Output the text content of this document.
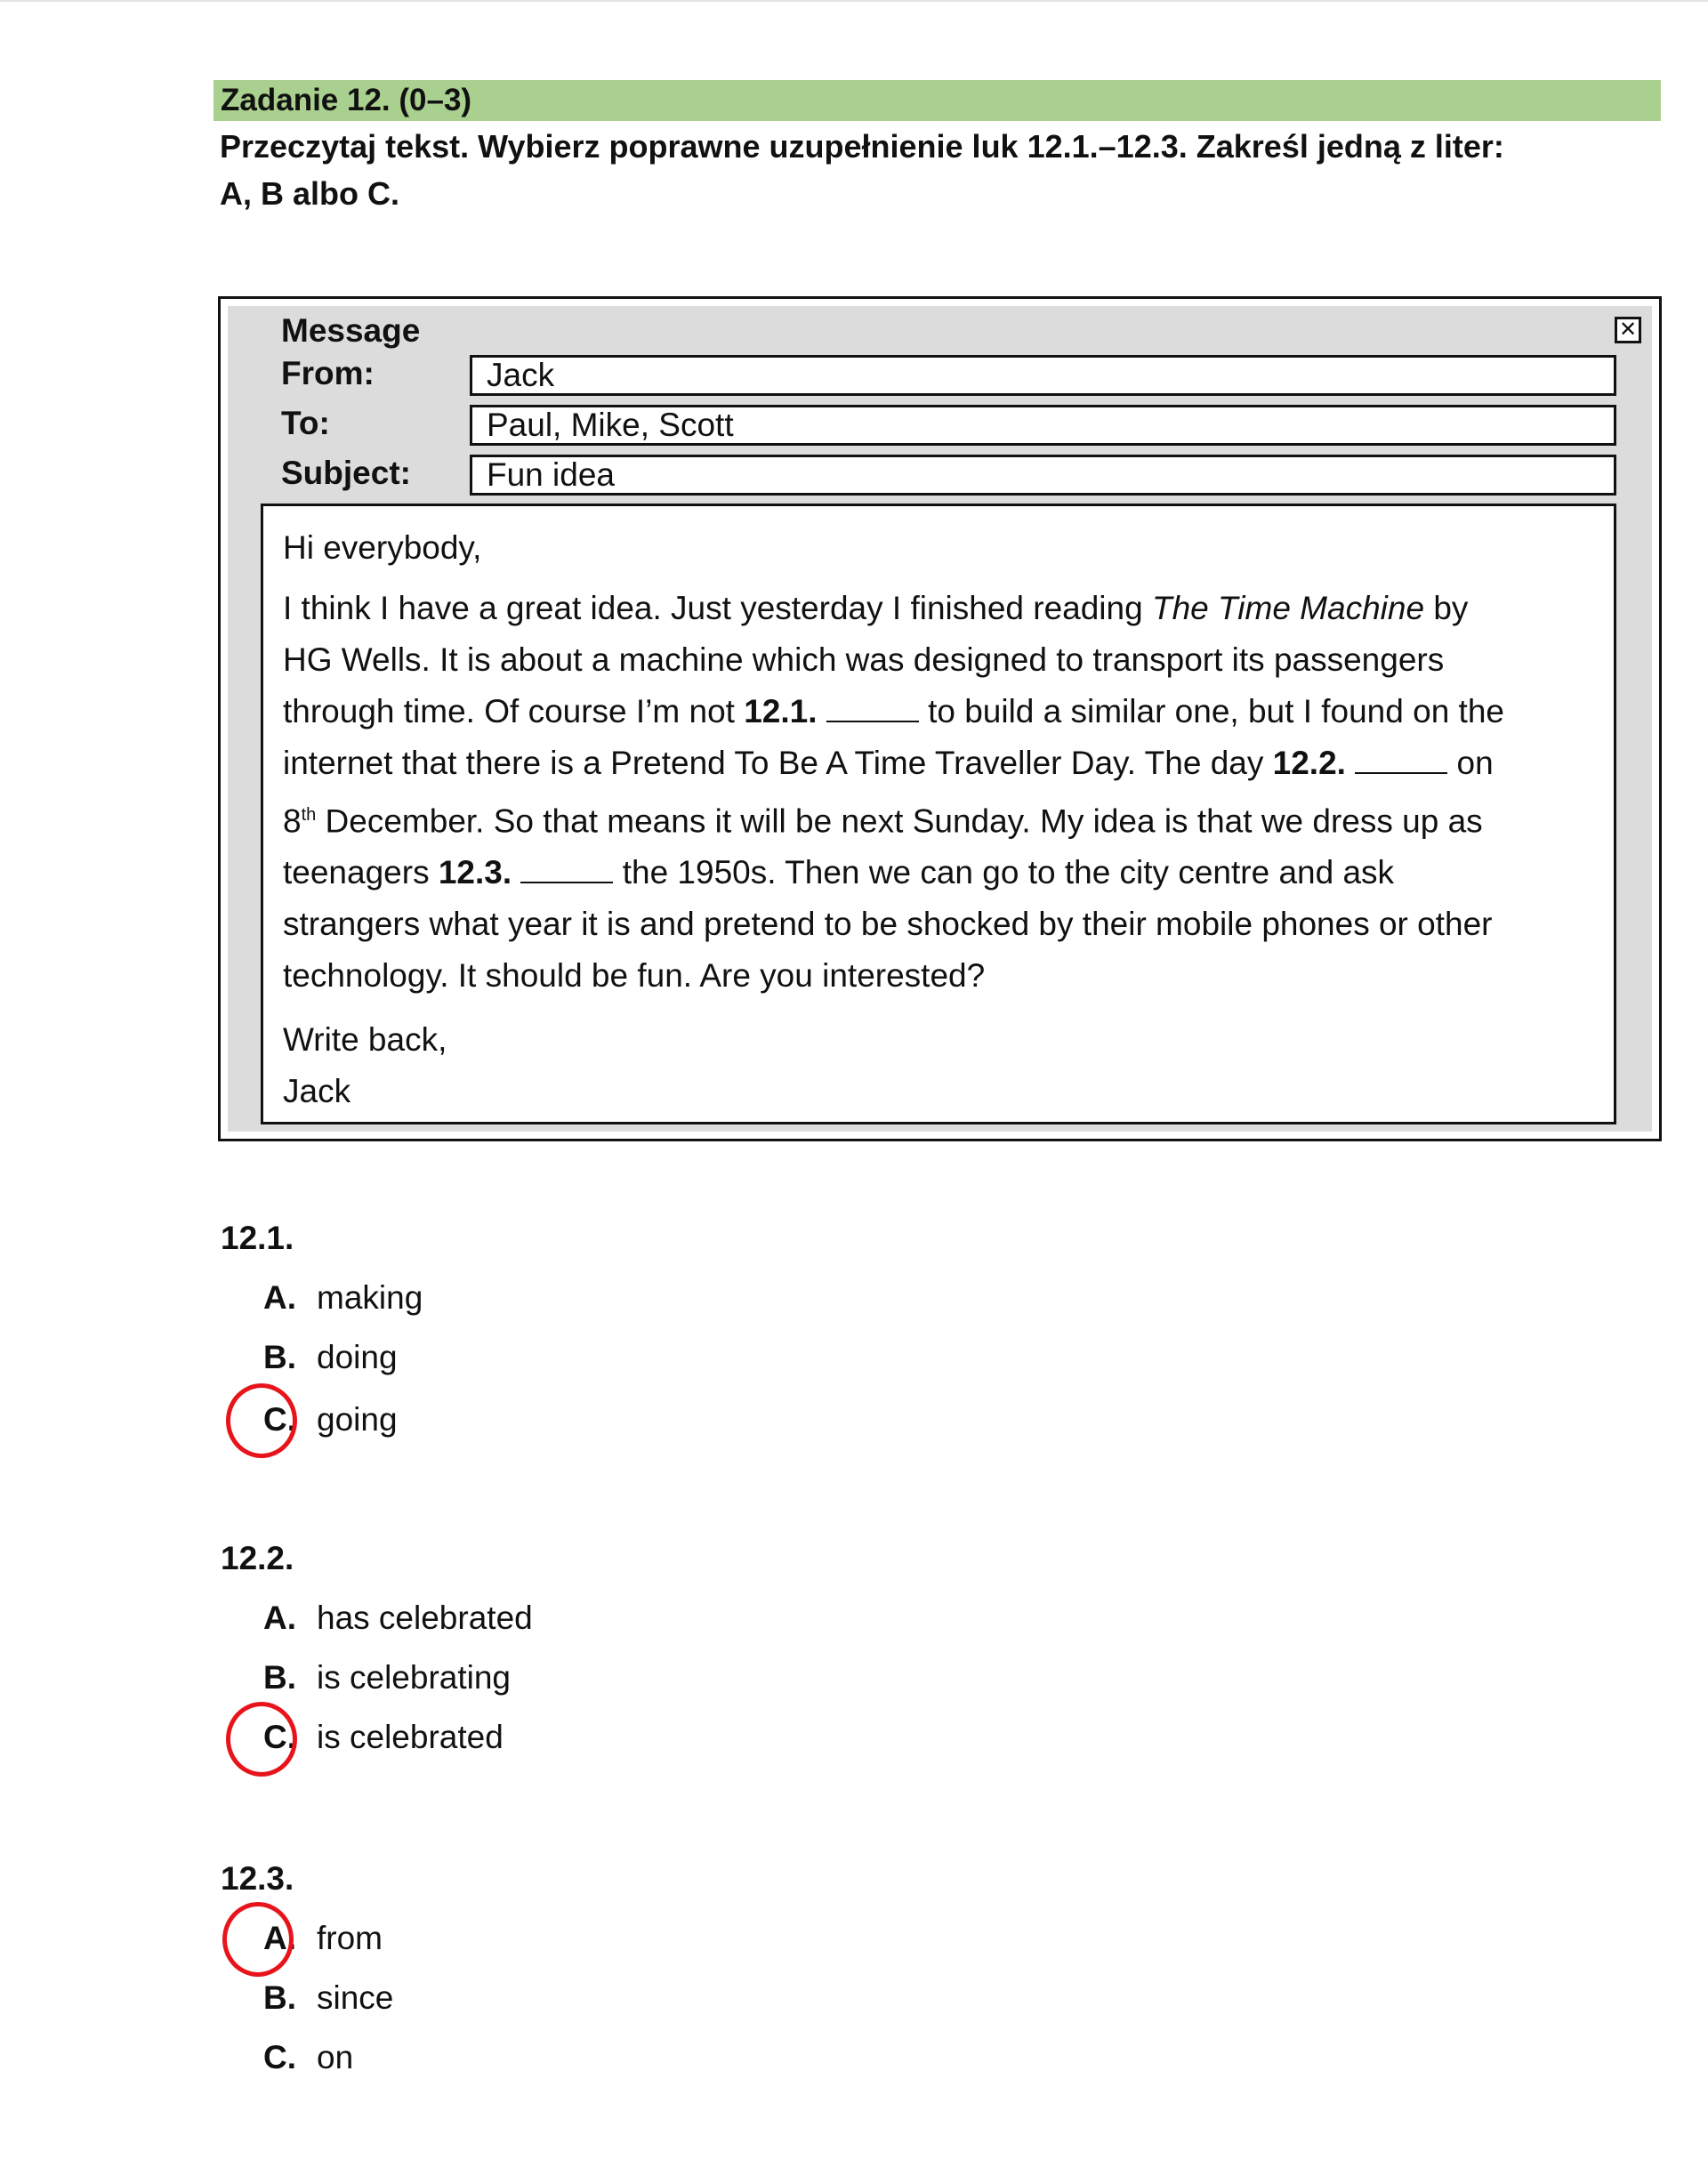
Zadanie 12. (0–3)
Przeczytaj tekst. Wybierz poprawne uzupełnienie luk 12.1.–12.3. Zakreśl jedną z liter:
A, B albo C.
Message	✕
From:	Jack
To:	Paul, Mike, Scott
Subject:	Fun idea

Hi everybody,

I think I have a great idea. Just yesterday I finished reading The Time Machine by
HG Wells. It is about a machine which was designed to transport its passengers
through time. Of course I’m not 12.1.	to build a similar one, but I found on the
internet that there is a Pretend To Be A Time Traveller Day. The day 12.2.	on
8th December. So that means it will be next Sunday. My idea is that we dress up as
teenagers 12.3.	the 1950s. Then we can go to the city centre and ask
strangers what year it is and pretend to be shocked by their mobile phones or other
technology. It should be fun. Are you interested?

Write back,

Jack

12.1.
A. making
B. doing
C. going
12.2.
A. has celebrated
B. is celebrating
C. is celebrated
12.3.
A. from
B. since
C. on
